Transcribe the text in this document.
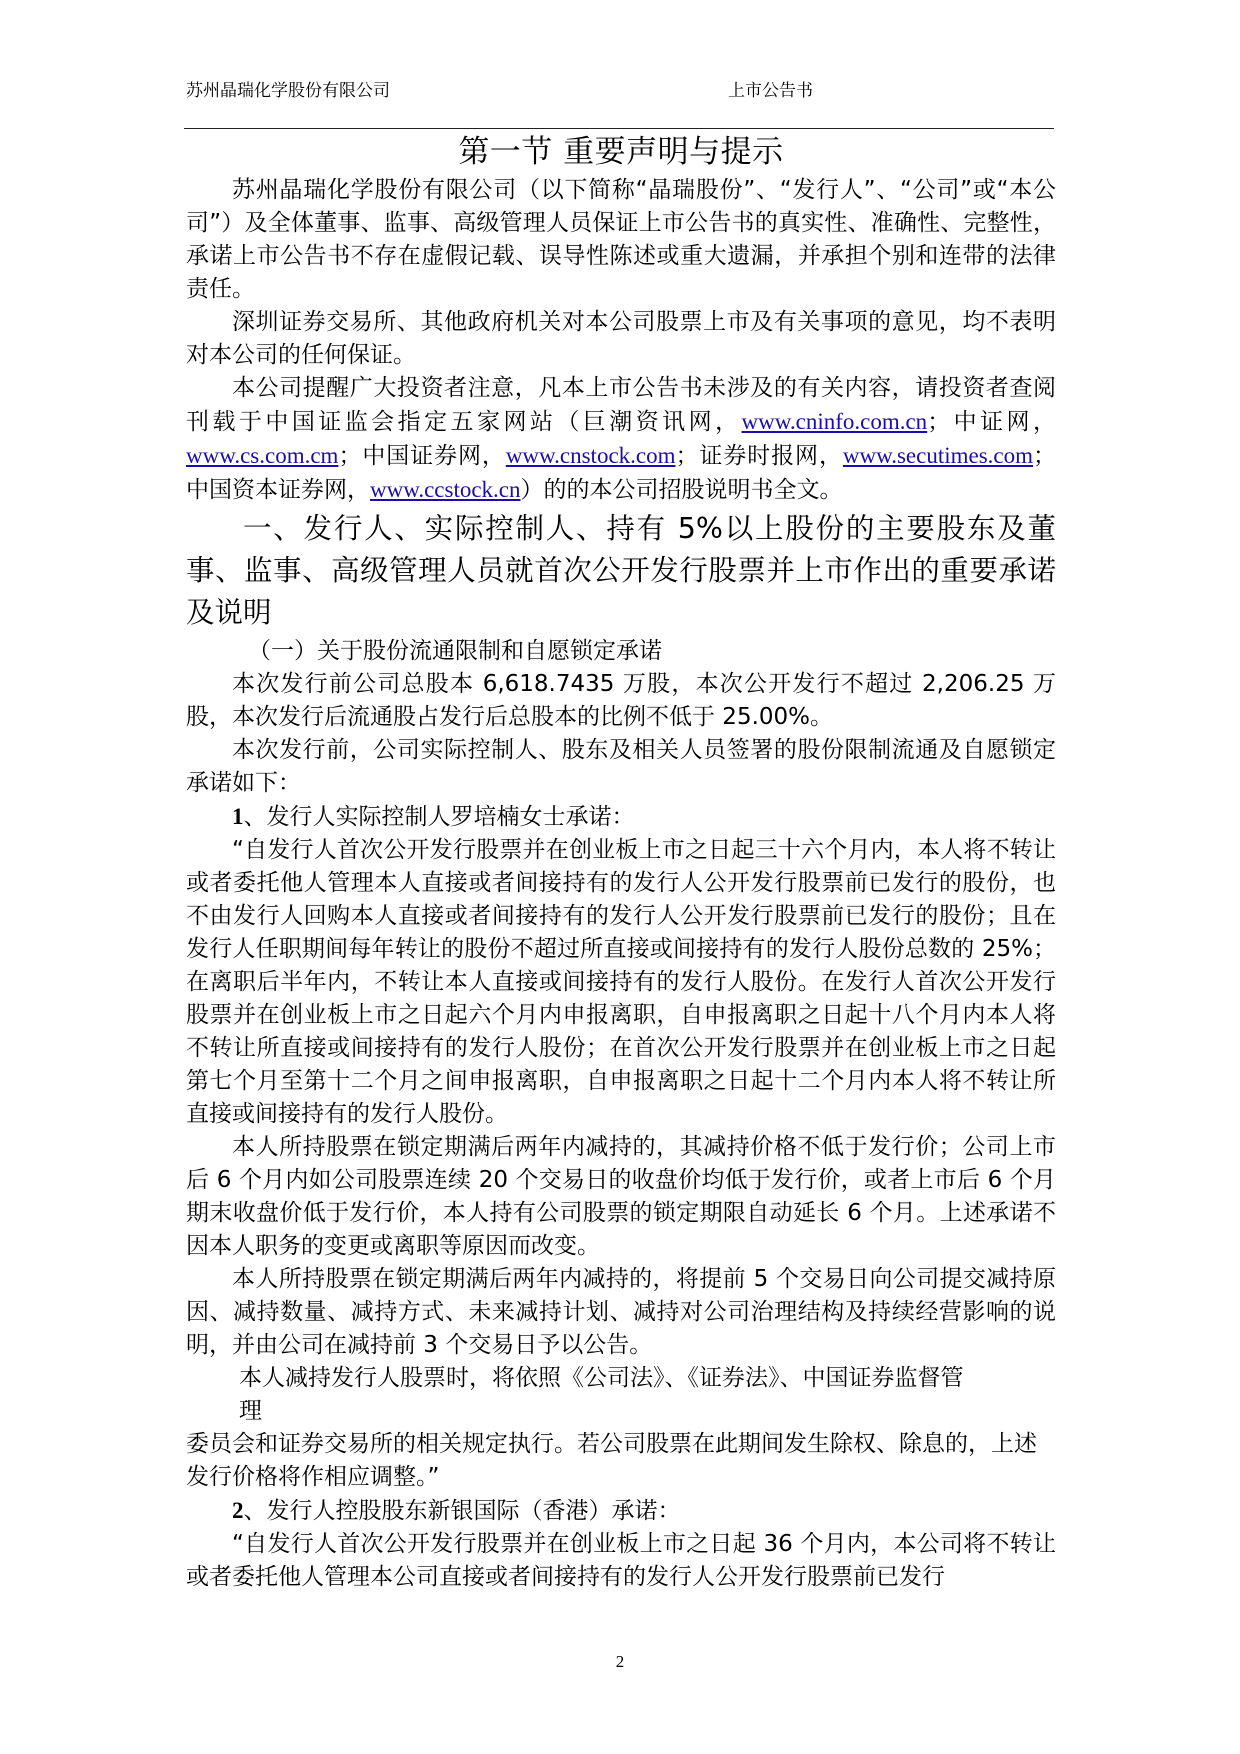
苏州晶瑞化学股份有限公司	上市公告书
第一节 重要声明与提示

苏州晶瑞化学股份有限公司（以下简称“晶瑞股份”、“发行人”、“公司”或“本公司”）及全体董事、监事、高级管理人员保证上市公告书的真实性、准确性、完整性，承诺上市公告书不存在虚假记载、误导性陈述或重大遗漏，并承担个别和连带的法律责任。

深圳证券交易所、其他政府机关对本公司股票上市及有关事项的意见，均不表明对本公司的任何保证。

本公司提醒广大投资者注意，凡本上市公告书未涉及的有关内容，请投资者查阅刊载于中国证监会指定五家网站（巨潮资讯网，www.cninfo.com.cn；中证网，www.cs.com.cm；中国证券网，www.cnstock.com；证券时报网，www.secutimes.com；中国资本证券网，www.ccstock.cn）的的本公司招股说明书全文。

一、发行人、实际控制人、持有 5%以上股份的主要股东及董事、监事、高级管理人员就首次公开发行股票并上市作出的重要承诺及说明

（一）关于股份流通限制和自愿锁定承诺

本次发行前公司总股本 6,618.7435 万股，本次公开发行不超过 2,206.25 万股，本次发行后流通股占发行后总股本的比例不低于 25.00%。

本次发行前，公司实际控制人、股东及相关人员签署的股份限制流通及自愿锁定承诺如下：

1、发行人实际控制人罗培楠女士承诺：

“自发行人首次公开发行股票并在创业板上市之日起三十六个月内，本人将不转让或者委托他人管理本人直接或者间接持有的发行人公开发行股票前已发行的股份，也不由发行人回购本人直接或者间接持有的发行人公开发行股票前已发行的股份；且在发行人任职期间每年转让的股份不超过所直接或间接持有的发行人股份总数的 25%；在离职后半年内，不转让本人直接或间接持有的发行人股份。在发行人首次公开发行股票并在创业板上市之日起六个月内申报离职，自申报离职之日起十八个月内本人将不转让所直接或间接持有的发行人股份；在首次公开发行股票并在创业板上市之日起第七个月至第十二个月之间申报离职，自申报离职之日起十二个月内本人将不转让所直接或间接持有的发行人股份。

本人所持股票在锁定期满后两年内减持的，其减持价格不低于发行价；公司上市后 6 个月内如公司股票连续 20 个交易日的收盘价均低于发行价，或者上市后 6 个月期末收盘价低于发行价，本人持有公司股票的锁定期限自动延长 6 个月。上述承诺不因本人职务的变更或离职等原因而改变。

本人所持股票在锁定期满后两年内减持的，将提前 5 个交易日向公司提交减持原因、减持数量、减持方式、未来减持计划、减持对公司治理结构及持续经营影响的说明，并由公司在减持前 3 个交易日予以公告。

本人减持发行人股票时，将依照《公司法》、《证券法》、中国证券监督管

理

委员会和证券交易所的相关规定执行。若公司股票在此期间发生除权、除息的，上述发行价格将作相应调整。”

2、发行人控股股东新银国际（香港）承诺：

“自发行人首次公开发行股票并在创业板上市之日起 36 个月内，本公司将不转让或者委托他人管理本公司直接或者间接持有的发行人公开发行股票前已发行

2
